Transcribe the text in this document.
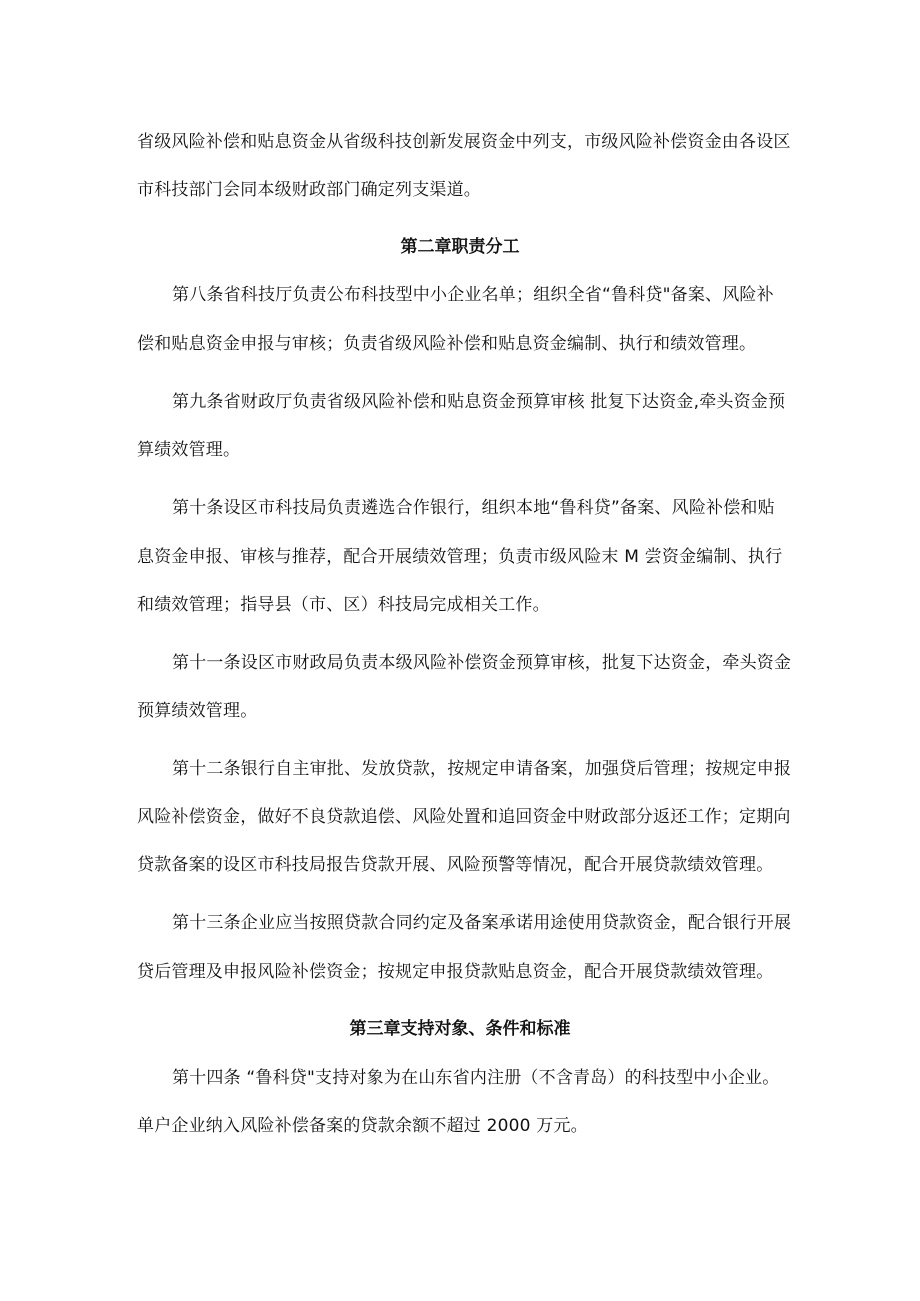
省级风险补偿和贴息资金从省级科技创新发展资金中列支，市级风险补偿资金由各设区
市科技部门会同本级财政部门确定列支渠道。
第二章职责分工
第八条省科技厅负责公布科技型中小企业名单；组织全省“鲁科贷"备案、风险补
偿和贴息资金申报与审核；负责省级风险补偿和贴息资金编制、执行和绩效管理。
第九条省财政厅负责省级风险补偿和贴息资金预算审核 批复下达资金,牵头资金预
算绩效管理。
第十条设区市科技局负责遴选合作银行，组织本地“鲁科贷”备案、风险补偿和贴
息资金申报、审核与推荐，配合开展绩效管理；负责市级风险末 M 尝资金编制、执行
和绩效管理；指导县（市、区）科技局完成相关工作。
第十一条设区市财政局负责本级风险补偿资金预算审核，批复下达资金，牵头资金
预算绩效管理。
第十二条银行自主审批、发放贷款，按规定申请备案，加强贷后管理；按规定申报
风险补偿资金，做好不良贷款追偿、风险处置和追回资金中财政部分返还工作；定期向
贷款备案的设区市科技局报告贷款开展、风险预警等情况，配合开展贷款绩效管理。
第十三条企业应当按照贷款合同约定及备案承诺用途使用贷款资金，配合银行开展
贷后管理及申报风险补偿资金；按规定申报贷款贴息资金，配合开展贷款绩效管理。
第三章支持对象、条件和标准
第十四条 “鲁科贷"支持对象为在山东省内注册（不含青岛）的科技型中小企业。
单户企业纳入风险补偿备案的贷款余额不超过 2000 万元。
